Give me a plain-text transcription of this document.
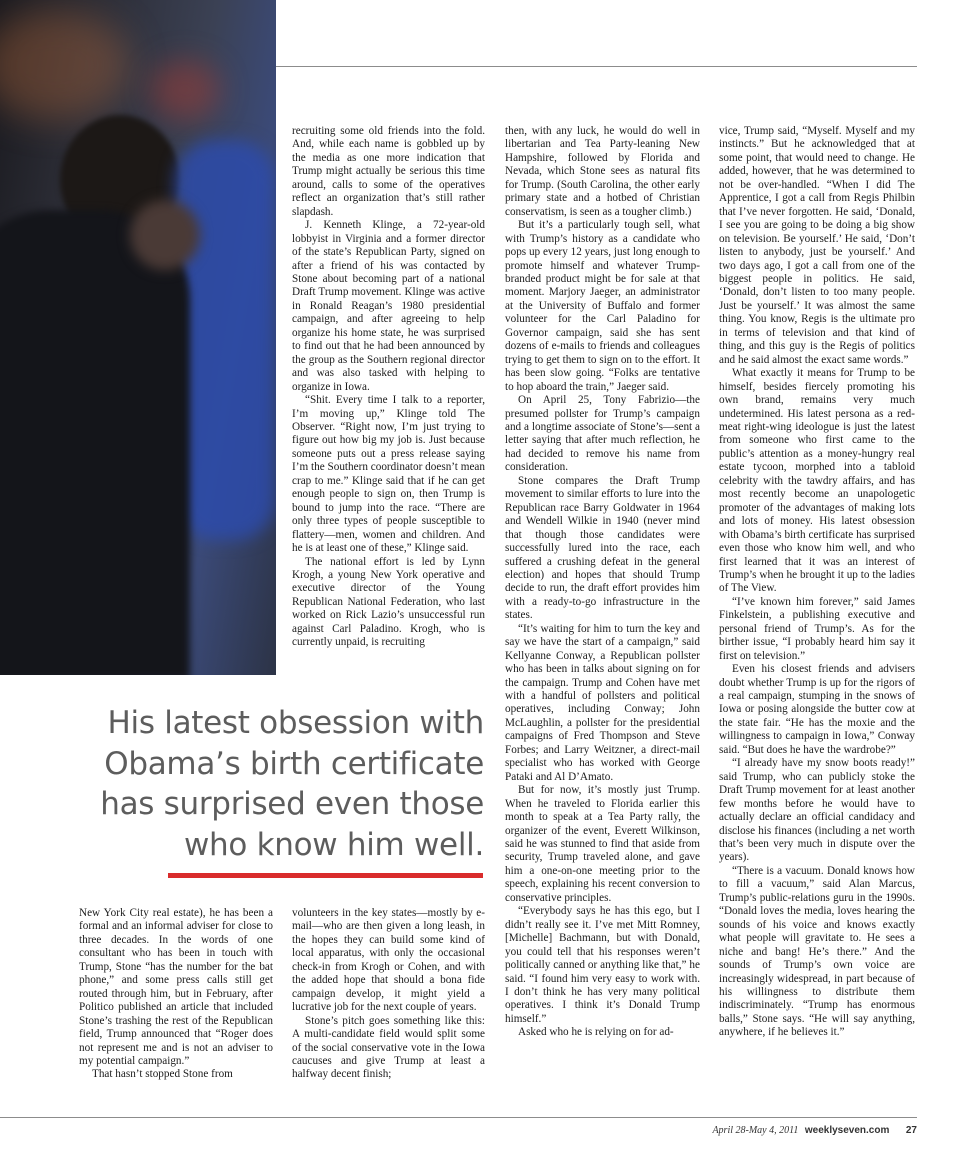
recruiting some old friends into the fold. And, while each name is gobbled up by the media as one more indication that Trump might actually be serious this time around, calls to some of the operatives reflect an organization that’s still rather slapdash.

J. Kenneth Klinge, a 72-year-old lobbyist in Virginia and a former director of the state’s Republican Party, signed on after a friend of his was contacted by Stone about becoming part of a national Draft Trump movement. Klinge was active in Ronald Reagan’s 1980 presidential campaign, and after agreeing to help organize his home state, he was surprised to find out that he had been announced by the group as the Southern regional director and was also tasked with helping to organize in Iowa.

“Shit. Every time I talk to a reporter, I’m moving up,” Klinge told The Observer. “Right now, I’m just trying to figure out how big my job is. Just because someone puts out a press release saying I’m the Southern coordinator doesn’t mean crap to me.” Klinge said that if he can get enough people to sign on, then Trump is bound to jump into the race. “There are only three types of people susceptible to flattery—men, women and children. And he is at least one of these,” Klinge said.

The national effort is led by Lynn Krogh, a young New York operative and executive director of the Young Republican National Federation, who last worked on Rick Lazio’s unsuccessful run against Carl Paladino. Krogh, who is currently unpaid, is recruiting

then, with any luck, he would do well in libertarian and Tea Party-leaning New Hampshire, followed by Florida and Nevada, which Stone sees as natural fits for Trump. (South Carolina, the other early primary state and a hotbed of Christian conservatism, is seen as a tougher climb.)

But it’s a particularly tough sell, what with Trump’s history as a candidate who pops up every 12 years, just long enough to promote himself and whatever Trump-branded product might be for sale at that moment. Marjory Jaeger, an administrator at the University of Buffalo and former volunteer for the Carl Paladino for Governor campaign, said she has sent dozens of e-mails to friends and colleagues trying to get them to sign on to the effort. It has been slow going. “Folks are tentative to hop aboard the train,” Jaeger said.

On April 25, Tony Fabrizio—the presumed pollster for Trump’s campaign and a longtime associate of Stone’s—sent a letter saying that after much reflection, he had decided to remove his name from consideration.

Stone compares the Draft Trump movement to similar efforts to lure into the Republican race Barry Goldwater in 1964 and Wendell Wilkie in 1940 (never mind that though those candidates were successfully lured into the race, each suffered a crushing defeat in the general election) and hopes that should Trump decide to run, the draft effort provides him with a ready-to-go infrastructure in the states.

“It’s waiting for him to turn the key and say we have the start of a campaign,” said Kellyanne Conway, a Republican pollster who has been in talks about signing on for the campaign. Trump and Cohen have met with a handful of pollsters and political operatives, including Conway; John McLaughlin, a pollster for the presidential campaigns of Fred Thompson and Steve Forbes; and Larry Weitzner, a direct-mail specialist who has worked with George Pataki and Al D’Amato.

But for now, it’s mostly just Trump. When he traveled to Florida earlier this month to speak at a Tea Party rally, the organizer of the event, Everett Wilkinson, said he was stunned to find that aside from security, Trump traveled alone, and gave him a one-on-one meeting prior to the speech, explaining his recent conversion to conservative principles.

“Everybody says he has this ego, but I didn’t really see it. I’ve met Mitt Romney, [Michelle] Bachmann, but with Donald, you could tell that his responses weren’t politically canned or anything like that,” he said. “I found him very easy to work with. I don’t think he has very many political operatives. I think it’s Donald Trump himself.”

Asked who he is relying on for ad-

vice, Trump said, “Myself. Myself and my instincts.” But he acknowledged that at some point, that would need to change. He added, however, that he was determined to not be over-handled. “When I did The Apprentice, I got a call from Regis Philbin that I’ve never forgotten. He said, ‘Donald, I see you are going to be doing a big show on television. Be yourself.’ He said, ‘Don’t listen to anybody, just be yourself.’ And two days ago, I got a call from one of the biggest people in politics. He said, ‘Donald, don’t listen to too many people. Just be yourself.’ It was almost the same thing. You know, Regis is the ultimate pro in terms of television and that kind of thing, and this guy is the Regis of politics and he said almost the exact same words.”

What exactly it means for Trump to be himself, besides fiercely promoting his own brand, remains very much undetermined. His latest persona as a red-meat right-wing ideologue is just the latest from someone who first came to the public’s attention as a money-hungry real estate tycoon, morphed into a tabloid celebrity with the tawdry affairs, and has most recently become an unapologetic promoter of the advantages of making lots and lots of money. His latest obsession with Obama’s birth certificate has surprised even those who know him well, and who first learned that it was an interest of Trump’s when he brought it up to the ladies of The View.

“I’ve known him forever,” said James Finkelstein, a publishing executive and personal friend of Trump’s. As for the birther issue, “I probably heard him say it first on television.”

Even his closest friends and advisers doubt whether Trump is up for the rigors of a real campaign, stumping in the snows of Iowa or posing alongside the butter cow at the state fair. “He has the moxie and the willingness to campaign in Iowa,” Conway said. “But does he have the wardrobe?”

“I already have my snow boots ready!” said Trump, who can publicly stoke the Draft Trump movement for at least another few months before he would have to actually declare an official candidacy and disclose his finances (including a net worth that’s been very much in dispute over the years).

“There is a vacuum. Donald knows how to fill a vacuum,” said Alan Marcus, Trump’s public-relations guru in the 1990s. “Donald loves the media, loves hearing the sounds of his voice and knows exactly what people will gravitate to. He sees a niche and bang! He’s there.” And the sounds of Trump’s own voice are increasingly widespread, in part because of his willingness to distribute them indiscriminately. “Trump has enormous balls,” Stone says. “He will say anything, anywhere, if he believes it.”

His latest obsession with Obama’s birth certificate has surprised even those who know him well.

New York City real estate), he has been a formal and an informal adviser for close to three decades. In the words of one consultant who has been in touch with Trump, Stone “has the number for the bat phone,” and some press calls still get routed through him, but in February, after Politico published an article that included Stone’s trashing the rest of the Republican field, Trump announced that “Roger does not represent me and is not an adviser to my potential campaign.”

That hasn’t stopped Stone from

volunteers in the key states—mostly by e-mail—who are then given a long leash, in the hopes they can build some kind of local apparatus, with only the occasional check-in from Krogh or Cohen, and with the added hope that should a bona fide campaign develop, it might yield a lucrative job for the next couple of years.

Stone’s pitch goes something like this: A multi-candidate field would split some of the social conservative vote in the Iowa caucuses and give Trump at least a halfway decent finish;

April 28-May 4, 2011 weeklyseven.com 27
